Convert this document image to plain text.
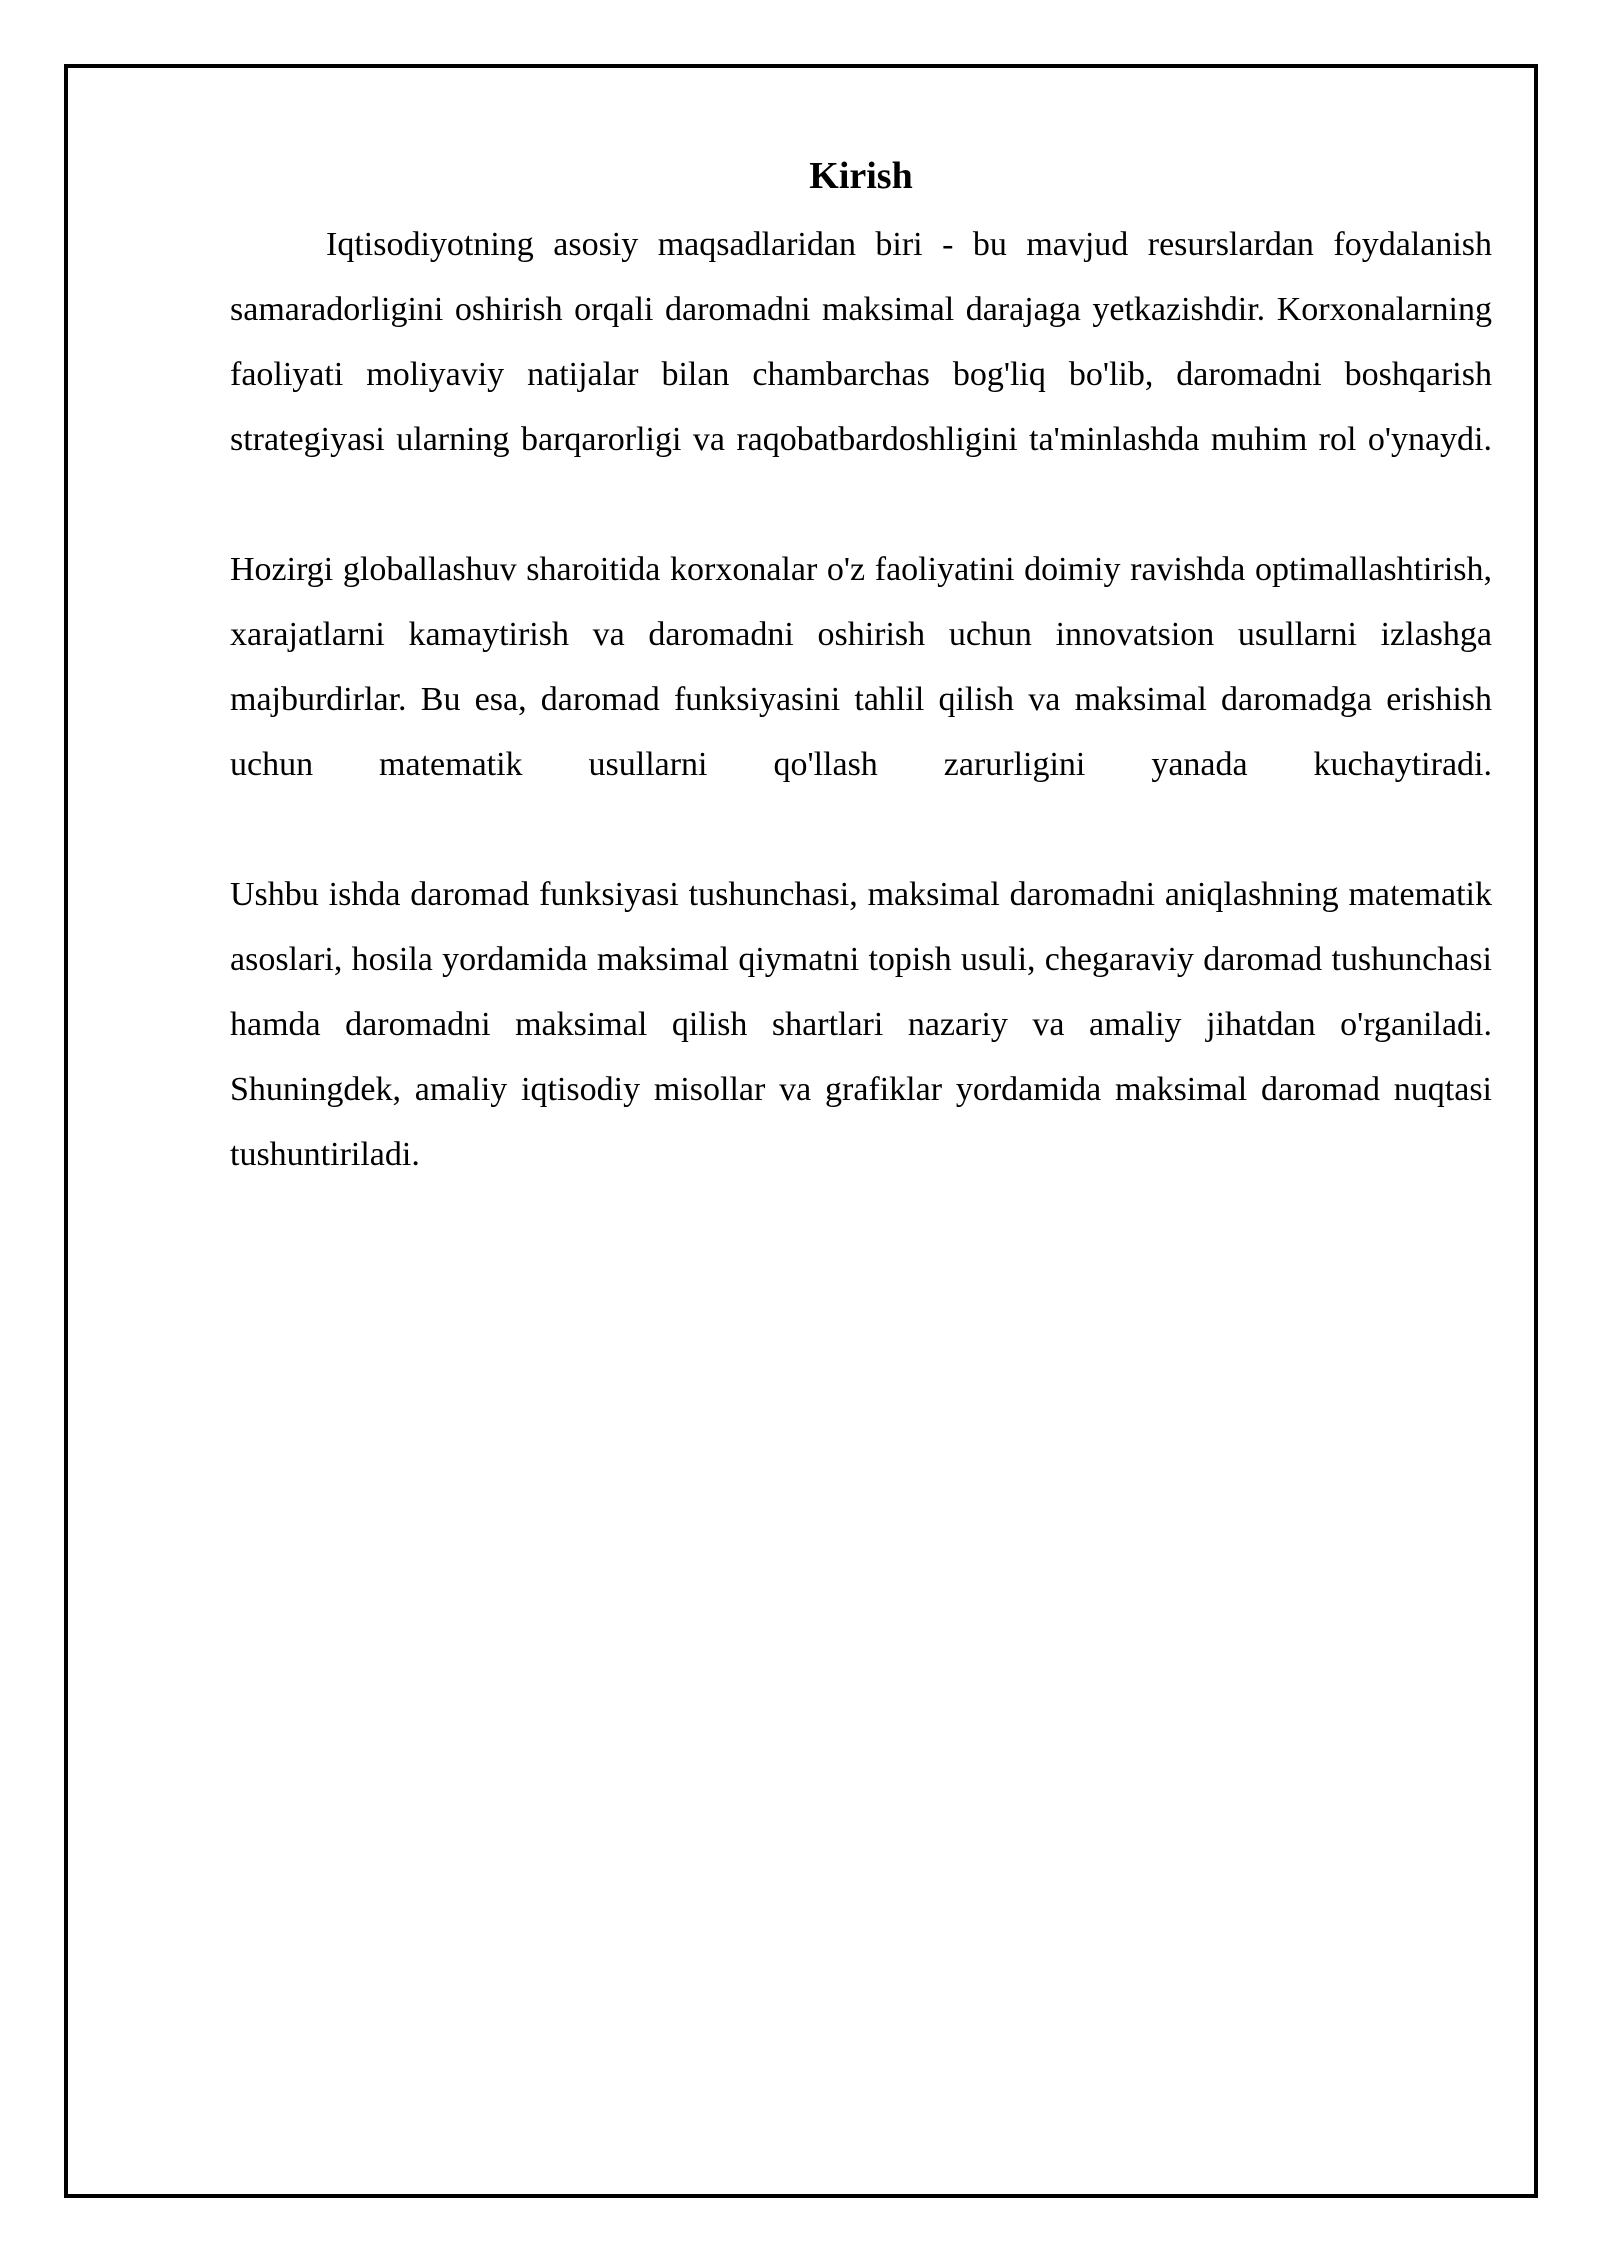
Kirish

Iqtisodiyotning asosiy maqsadlaridan biri - bu mavjud resurslardan foydalanish samaradorligini oshirish orqali daromadni maksimal darajaga yetkazishdir. Korxonalarning faoliyati moliyaviy natijalar bilan chambarchas bog'liq bo'lib, daromadni boshqarish strategiyasi ularning barqarorligi va raqobatbardoshligini ta'minlashda muhim rol o'ynaydi.

Hozirgi globallashuv sharoitida korxonalar o'z faoliyatini doimiy ravishda optimallashtirish, xarajatlarni kamaytirish va daromadni oshirish uchun innovatsion usullarni izlashga majburdirlar. Bu esa, daromad funksiyasini tahlil qilish va maksimal daromadga erishish uchun matematik usullarni qo'llash zarurligini yanada kuchaytiradi.

Ushbu ishda daromad funksiyasi tushunchasi, maksimal daromadni aniqlashning matematik asoslari, hosila yordamida maksimal qiymatni topish usuli, chegaraviy daromad tushunchasi hamda daromadni maksimal qilish shartlari nazariy va amaliy jihatdan o'rganiladi. Shuningdek, amaliy iqtisodiy misollar va grafiklar yordamida maksimal daromad nuqtasi tushuntiriladi.
